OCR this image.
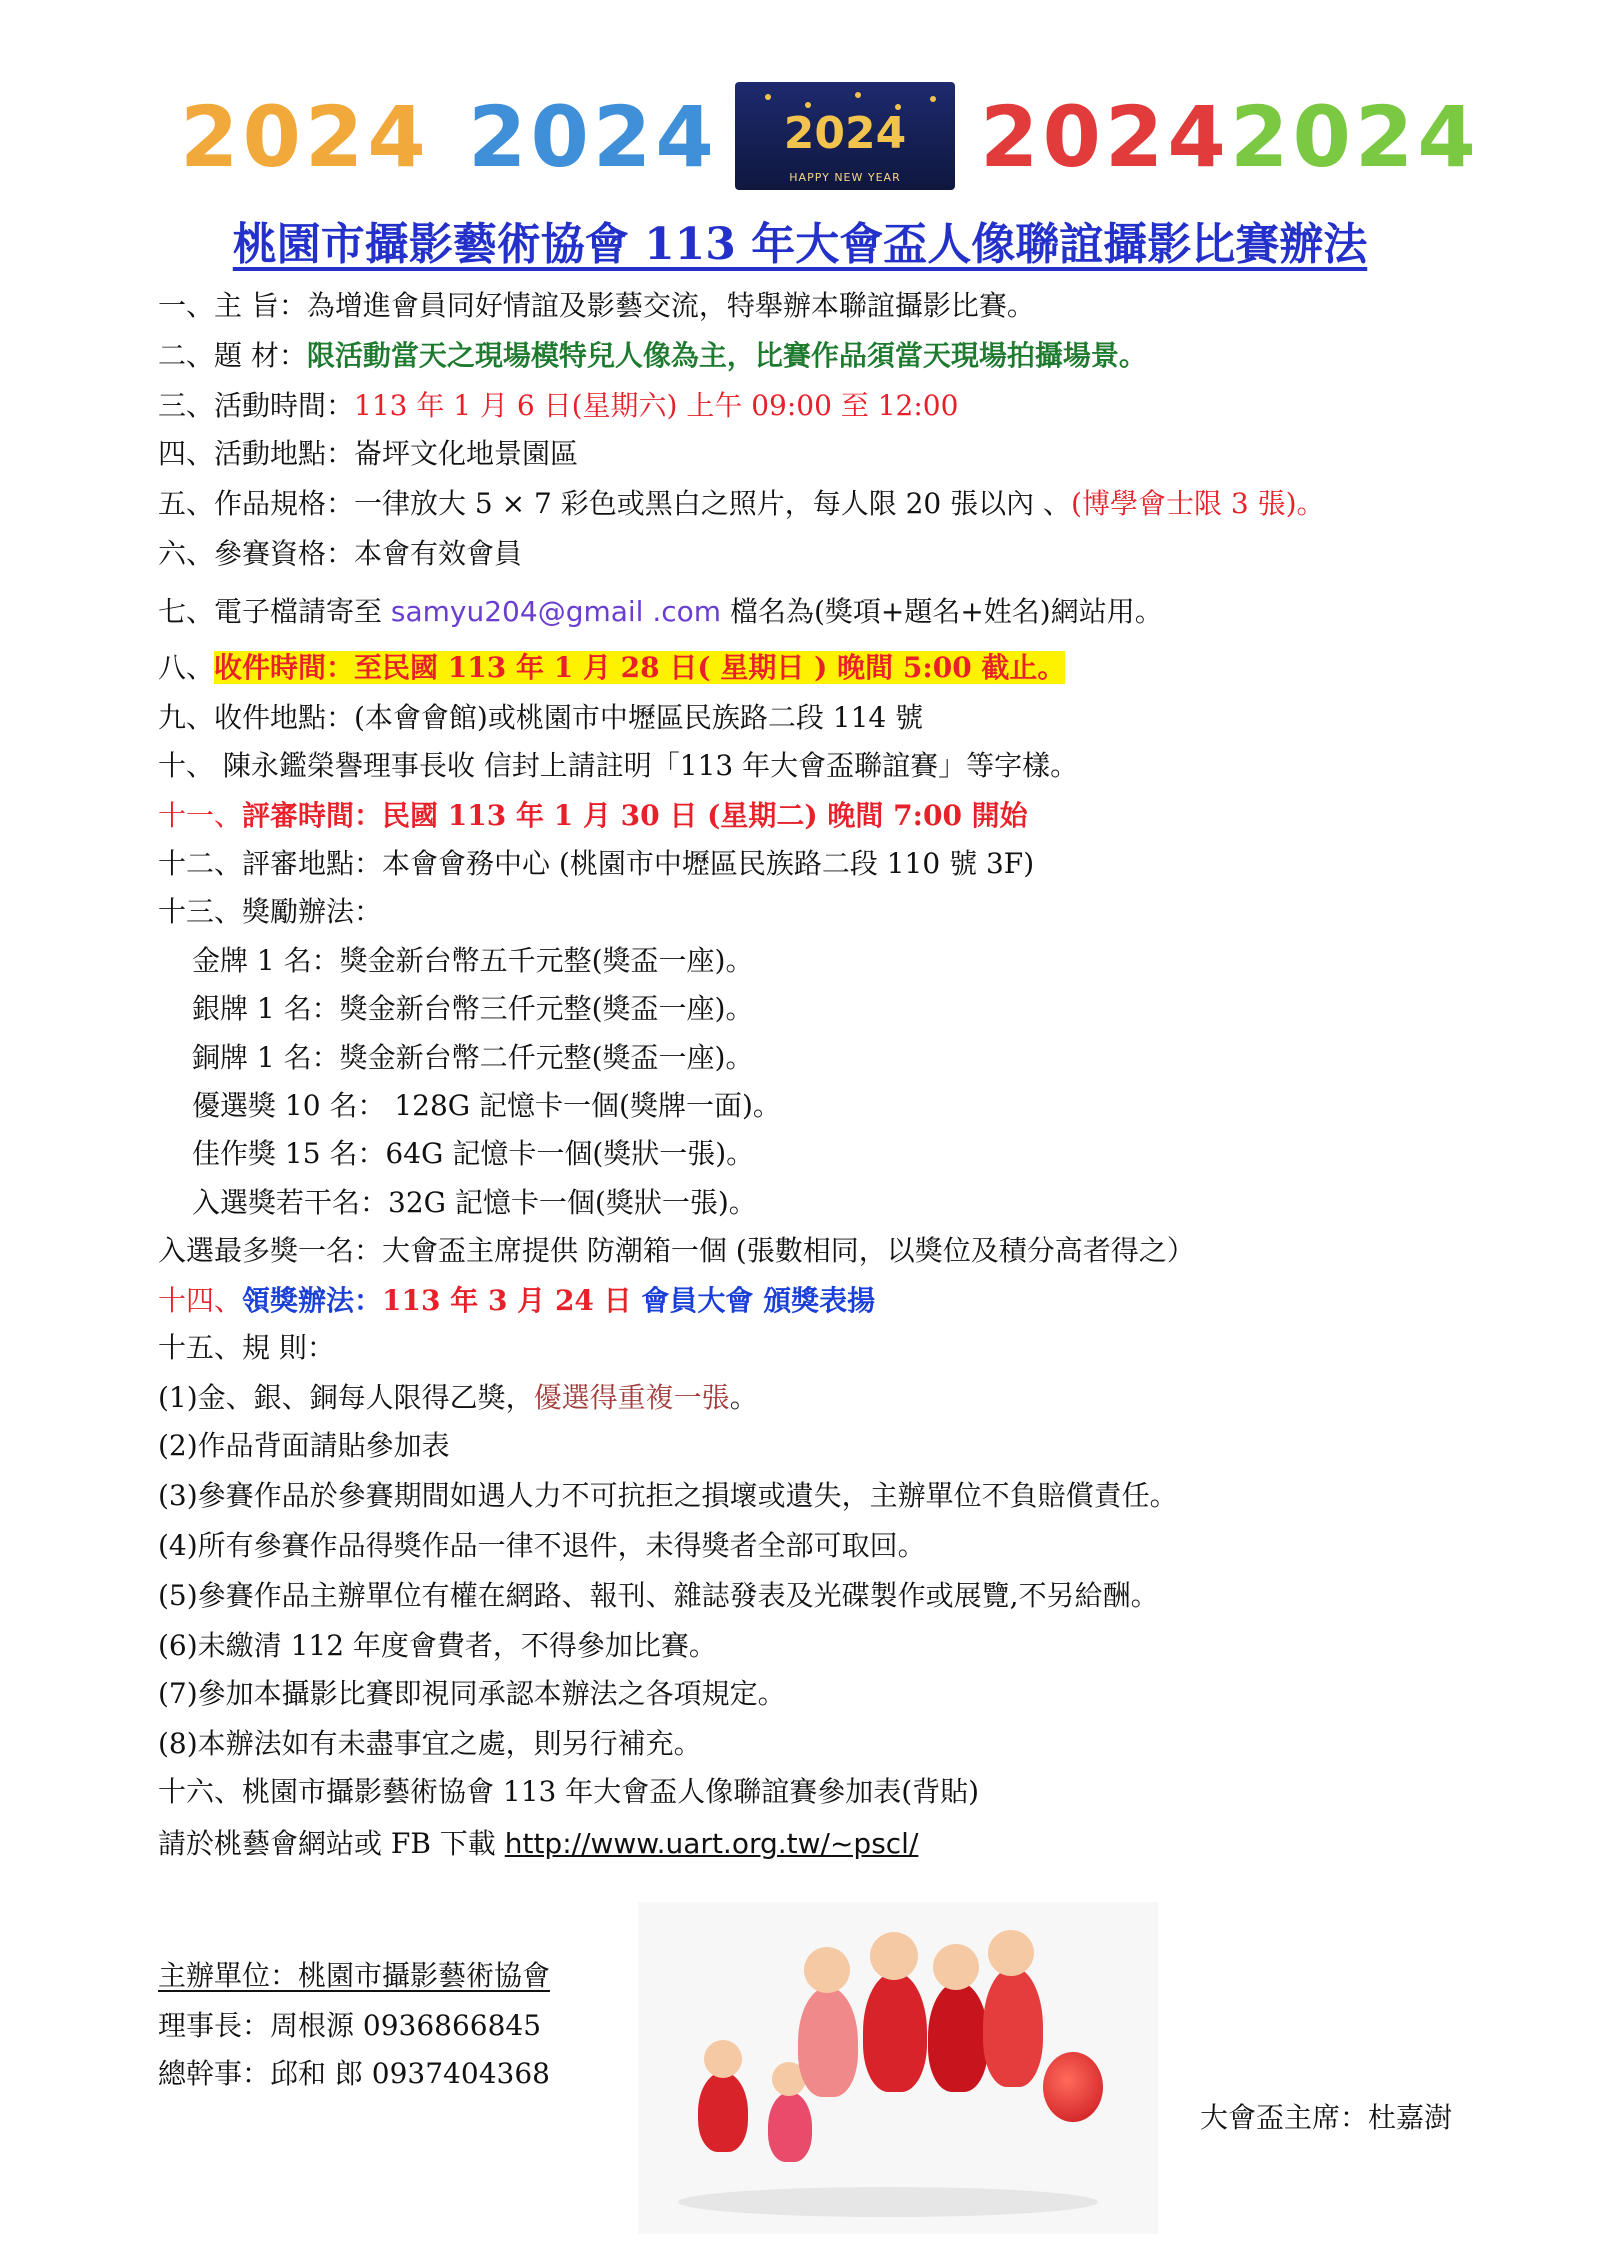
2024 2024	2024
HAPPY NEW YEAR 2024 2024
桃園市攝影藝術協會 113 年大會盃人像聯誼攝影比賽辦法
一、主 旨：為增進會員同好情誼及影藝交流，特舉辦本聯誼攝影比賽。
二、題 材：限活動當天之現場模特兒人像為主，比賽作品須當天現場拍攝場景。
三、活動時間：113 年 1 月 6 日(星期六) 上午 09:00 至 12:00
四、活動地點：崙坪文化地景園區
五、作品規格：一律放大 5 × 7 彩色或黑白之照片，每人限 20 張以內 、(博學會士限 3 張)。
六、參賽資格：本會有效會員
七、電子檔請寄至 samyu204@gmail .com 檔名為(獎項+題名+姓名)網站用。
八、收件時間：至民國 113 年 1 月 28 日( 星期日 ) 晚間 5:00 截止。
九、收件地點：(本會會館)或桃園市中壢區民族路二段 114 號
十、 陳永鑑榮譽理事長收 信封上請註明「113 年大會盃聯誼賽」等字樣。
十一、評審時間：民國 113 年 1 月 30 日 (星期二) 晚間 7:00 開始
十二、評審地點：本會會務中心 (桃園市中壢區民族路二段 110 號 3F)
十三、獎勵辦法：
金牌 1 名：獎金新台幣五千元整(獎盃一座)。
銀牌 1 名：獎金新台幣三仟元整(獎盃一座)。
銅牌 1 名：獎金新台幣二仟元整(獎盃一座)。
優選獎 10 名： 128G 記憶卡一個(獎牌一面)。
佳作獎 15 名：64G 記憶卡一個(獎狀一張)。
入選獎若干名：32G 記憶卡一個(獎狀一張)。
入選最多獎一名：大會盃主席提供 防潮箱一個 (張數相同，以獎位及積分高者得之）
十四、領獎辦法：113 年 3 月 24 日 會員大會 頒獎表揚
十五、規 則：
(1)金、銀、銅每人限得乙獎，優選得重複一張。
(2)作品背面請貼參加表
(3)參賽作品於參賽期間如遇人力不可抗拒之損壞或遺失，主辦單位不負賠償責任。
(4)所有參賽作品得獎作品一律不退件，未得獎者全部可取回。
(5)參賽作品主辦單位有權在網路、報刊、雜誌發表及光碟製作或展覽,不另給酬。
(6)未繳清 112 年度會費者，不得參加比賽。
(7)參加本攝影比賽即視同承認本辦法之各項規定。
(8)本辦法如有未盡事宜之處，則另行補充。
十六、桃園市攝影藝術協會 113 年大會盃人像聯誼賽參加表(背貼)
請於桃藝會網站或 FB 下載 http://www.uart.org.tw/~pscl/
主辦單位：桃園市攝影藝術協會
理事長：周根源 0936866845
總幹事：邱和 郎 0937404368
大會盃主席：杜嘉澍
